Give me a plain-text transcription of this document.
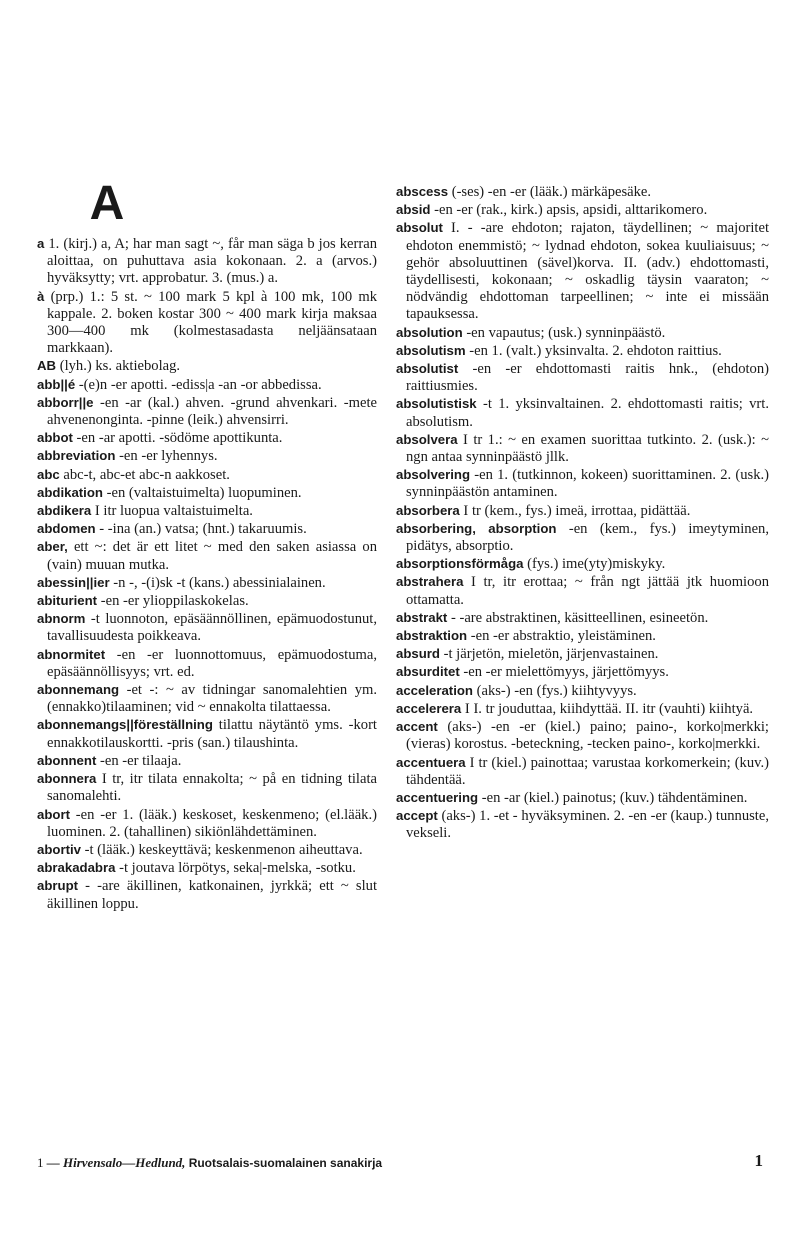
A

a 1. (kirj.) a, A; har man sagt ~, får man säga b jos kerran aloittaa, on puhuttava asia kokonaan. 2. a (arvos.) hyväksytty; vrt. approbatur. 3. (mus.) a.

à (prp.) 1.: 5 st. ~ 100 mark 5 kpl à 100 mk, 100 mk kappale. 2. boken kostar 300 ~ 400 mark kirja maksaa 300—400 mk (kolmestasadasta neljäänsataan markkaan).

AB (lyh.) ks. aktiebolag.

abb||é -(e)n -er apotti. -ediss|a -an -or abbedissa.

abborr||e -en -ar (kal.) ahven. -grund ahvenkari. -mete ahvenenonginta. -pinne (leik.) ahvensirri.

abbot -en -ar apotti. -södöme apottikunta.

abbreviation -en -er lyhennys.

abc abc-t, abc-et abc-n aakkoset.

abdikation -en (valtaistuimelta) luopuminen.

abdikera I itr luopua valtaistuimelta.

abdomen - -ina (an.) vatsa; (hnt.) takaruumis.

aber, ett ~: det är ett litet ~ med den saken asiassa on (vain) muuan mutka.

abessin||ier -n -, -(i)sk -t (kans.) abessinialainen.

abiturient -en -er ylioppilaskokelas.

abnorm -t luonnoton, epäsäännöllinen, epämuodostunut, tavallisuudesta poikkeava.

abnormitet -en -er luonnottomuus, epämuodostuma, epäsäännöllisyys; vrt. ed.

abonnemang -et -: ~ av tidningar sanomalehtien ym. (ennakko)tilaaminen; vid ~ ennakolta tilattaessa.

abonnemangs||föreställning tilattu näytäntö yms. -kort ennakkotilauskortti. -pris (san.) tilaushinta.

abonnent -en -er tilaaja.

abonnera I tr, itr tilata ennakolta; ~ på en tidning tilata sanomalehti.

abort -en -er 1. (lääk.) keskoset, keskenmeno; (el.lääk.) luominen. 2. (tahallinen) sikiönlähdettäminen.

abortiv -t (lääk.) keskeyttävä; keskenmenon aiheuttava.

abrakadabra -t joutava lörpötys, seka|-melska, -sotku.

abrupt - -are äkillinen, katkonainen, jyrkkä; ett ~ slut äkillinen loppu.

abscess (-ses) -en -er (lääk.) märkäpesäke.

absid -en -er (rak., kirk.) apsis, apsidi, alttarikomero.

absolut I. - -are ehdoton; rajaton, täydellinen; ~ majoritet ehdoton enemmistö; ~ lydnad ehdoton, sokea kuuliaisuus; ~ gehör absoluuttinen (sävel)korva. II. (adv.) ehdottomasti, täydellisesti, kokonaan; ~ oskadlig täysin vaaraton; ~ nödvändig ehdottoman tarpeellinen; ~ inte ei missään tapauksessa.

absolution -en vapautus; (usk.) synninpäästö.

absolutism -en 1. (valt.) yksinvalta. 2. ehdoton raittius.

absolutist -en -er ehdottomasti raitis hnk., (ehdoton) raittiusmies.

absolutistisk -t 1. yksinvaltainen. 2. ehdottomasti raitis; vrt. absolutism.

absolvera I tr 1.: ~ en examen suorittaa tutkinto. 2. (usk.): ~ ngn antaa synninpäästö jllk.

absolvering -en 1. (tutkinnon, kokeen) suorittaminen. 2. (usk.) synninpäästön antaminen.

absorbera I tr (kem., fys.) imeä, irrottaa, pidättää.

absorbering, absorption -en (kem., fys.) imeytyminen, pidätys, absorptio.

absorptionsförmåga (fys.) ime(yty)miskyky.

abstrahera I tr, itr erottaa; ~ från ngt jättää jtk huomioon ottamatta.

abstrakt - -are abstraktinen, käsitteellinen, esineetön.

abstraktion -en -er abstraktio, yleistäminen.

absurd -t järjetön, mieletön, järjenvastainen.

absurditet -en -er mielettömyys, järjettömyys.

acceleration (aks-) -en (fys.) kiihtyvyys.

accelerera I I. tr jouduttaa, kiihdyttää. II. itr (vauhti) kiihtyä.

accent (aks-) -en -er (kiel.) paino; paino-, korko|merkki; (vieras) korostus. -beteckning, -tecken paino-, korko|merkki.

accentuera I tr (kiel.) painottaa; varustaa korkomerkein; (kuv.) tähdentää.

accentuering -en -ar (kiel.) painotus; (kuv.) tähdentäminen.

accept (aks-) 1. -et - hyväksyminen. 2. -en -er (kaup.) tunnuste, vekseli.

1 — Hirvensalo—Hedlund, Ruotsalais-suomalainen sanakirja	1
